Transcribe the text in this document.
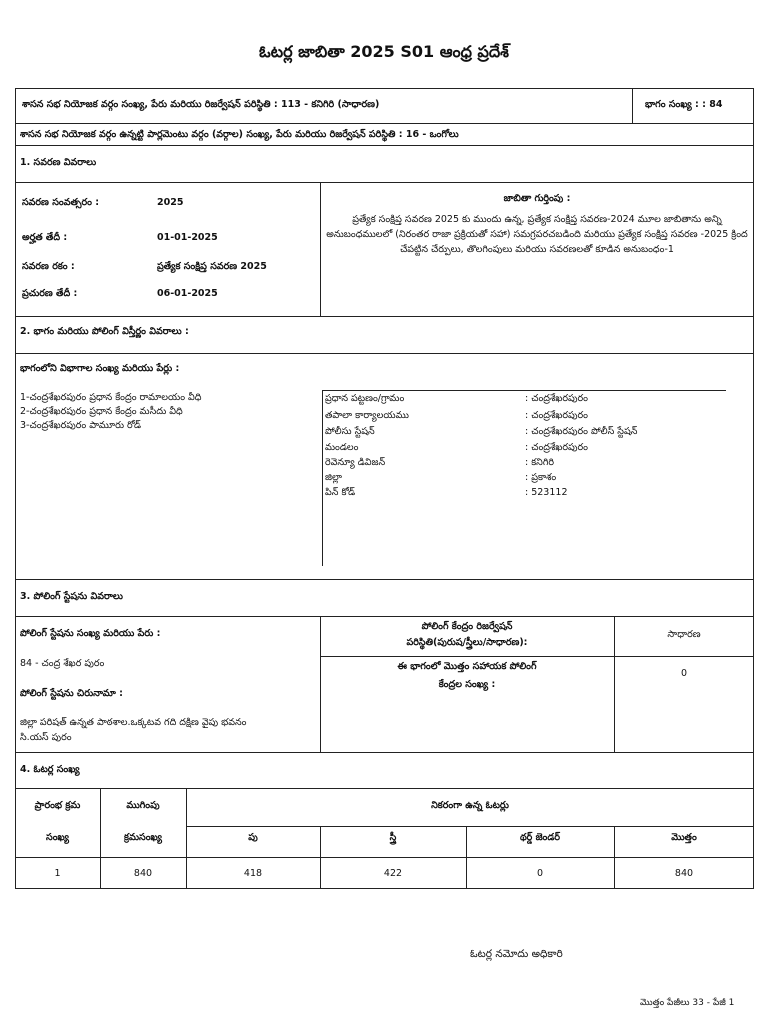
ఓటర్ల జాబితా 2025 S01 ఆంధ్ర ప్రదేశ్
శాసన సభ నియోజక వర్గం సంఖ్య, పేరు మరియు రిజర్వేషన్ పరిస్థితి : 113 - కనిగిరి (సాధారణ)	భాగం సంఖ్య : : 84
శాసన సభ నియోజక వర్గం ఉన్నట్టి పార్లమెంటు వర్గం (వర్గాల) సంఖ్య, పేరు మరియు రిజర్వేషన్ పరిస్థితి : 16 - ఒంగోలు
1. సవరణ వివరాలు
సవరణ సంవత్సరం :	2025
అర్హత తేదీ :	01-01-2025
సవరణ రకం :	ప్రత్యేక సంక్షిప్త సవరణ 2025
ప్రచురణ తేదీ :	06-01-2025
జాబితా గుర్తింపు :
ప్రత్యేక సంక్షిప్త సవరణ 2025 కు ముందు ఉన్న, ప్రత్యేక సంక్షిప్త సవరణ-2024 మూల జాబితాను అన్ని అనుబంధములలో (నిరంతర రాజా ప్రక్రియతో సహా) సమగ్రపరచబడింది మరియు ప్రత్యేక సంక్షిప్త సవరణ -2025 క్రింద చేపట్టిన చేర్పులు, తొలగింపులు మరియు సవరణలతో కూడిన అనుబంధం-1
2. భాగం మరియు పోలింగ్ విస్తీర్ణం వివరాలు :
భాగంలోని విభాగాల సంఖ్య మరియు పేర్లు :
1-చంద్రశేఖరపురం ప్రధాన కేంద్రం రామాలయం వీధి
2-చంద్రశేఖరపురం ప్రధాన కేంద్రం మసీదు వీధి
3-చంద్రశేఖరపురం పామూరు రోడ్
ప్రధాన పట్టణం/గ్రామం	: చంద్రశేఖరపురం
తపాలా కార్యాలయము	: చంద్రశేఖరపురం
పోలీసు స్టేషన్	: చంద్రశేఖరపురం పోలీస్ స్టేషన్
మండలం	: చంద్రశేఖరపురం
రెవెన్యూ డివిజన్	: కనిగిరి
జిల్లా	: ప్రకాశం
పిన్ కోడ్	: 523112
3. పోలింగ్ స్టేషను వివరాలు
పోలింగ్ స్టేషను సంఖ్య మరియు పేరు :
84 - చంద్ర శేఖర పురం
పోలింగ్ స్టేషను చిరునామా :
జిల్లా పరిషత్ ఉన్నత పాఠశాల.ఒక్కటవ గది దక్షిణ వైపు భవనం
సి.యస్ పురం
పోలింగ్ కేంద్రం రిజర్వేషన్
పరిస్థితి(పురుష/స్త్రీలు/సాధారణ):
సాధారణ
ఈ భాగంలో మొత్తం సహాయక పోలింగ్
కేంద్రల సంఖ్య :
0
4. ఓటర్ల సంఖ్య
ప్రారంభ క్రమ
సంఖ్య
ముగింపు
క్రమసంఖ్య
నికరంగా ఉన్న ఓటర్లు
పు	స్త్రీ	థర్డ్ జెండర్	మొత్తం
1	840	418	422	0	840
ఓటర్ల నమోదు అధికారి
మొత్తం పేజీలు 33 - పేజీ 1
